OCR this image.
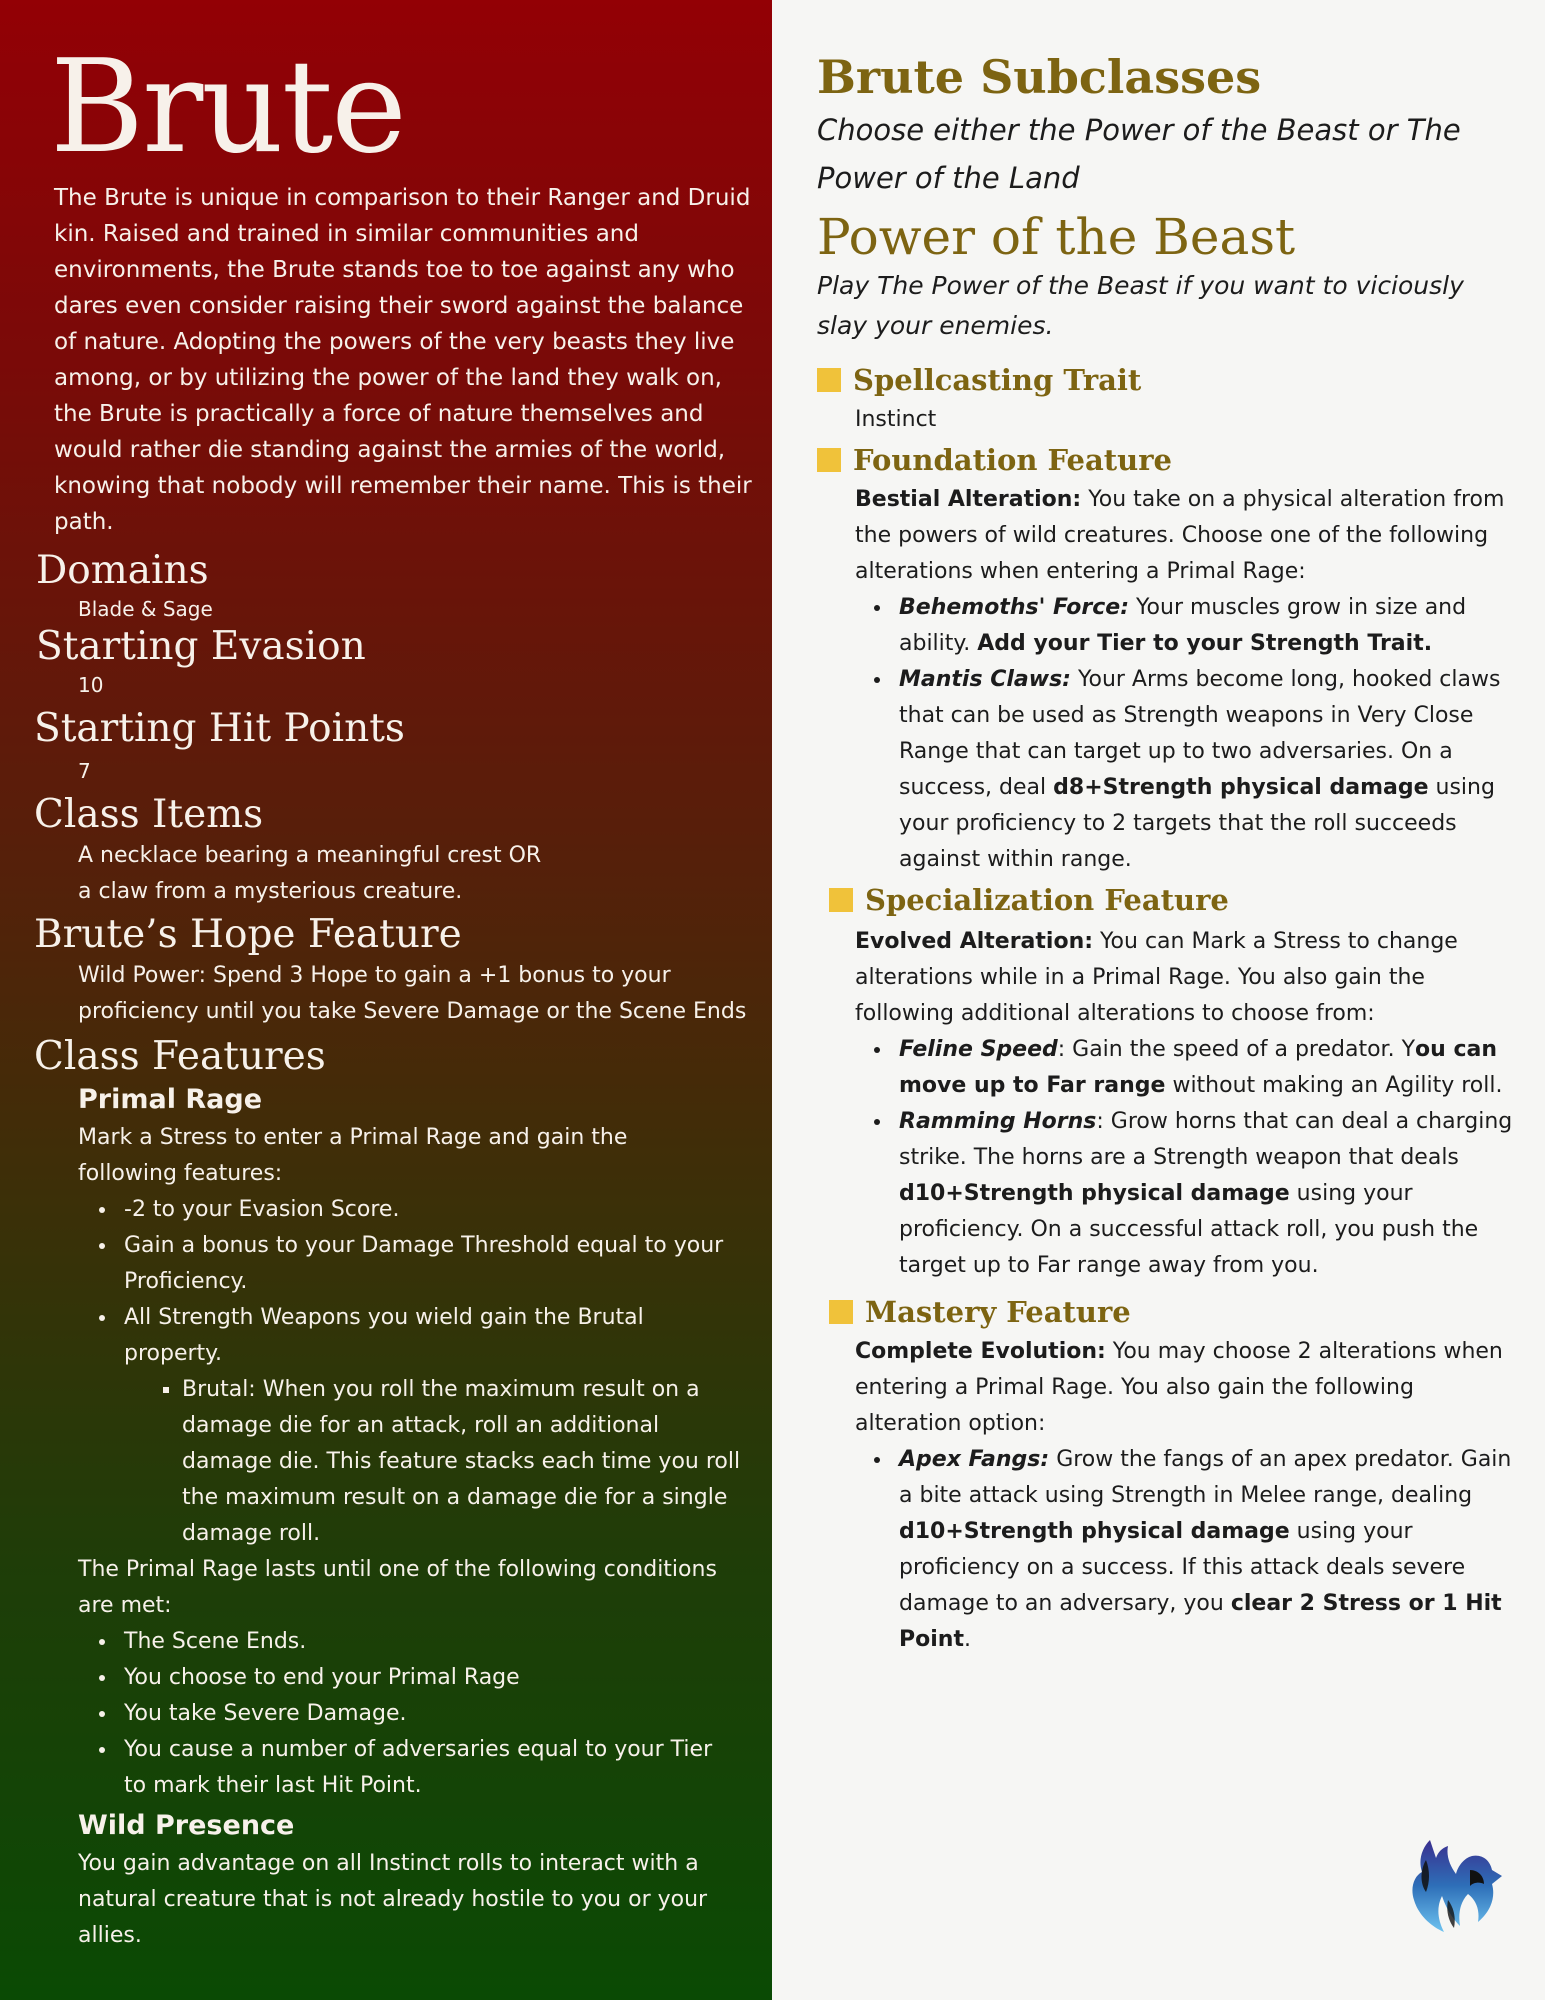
Brute

The Brute is unique in comparison to their Ranger and Druid kin. Raised and trained in similar communities and environments, the Brute stands toe to toe against any who dares even consider raising their sword against the balance of nature. Adopting the powers of the very beasts they live among, or by utilizing the power of the land they walk on, the Brute is practically a force of nature themselves and would rather die standing against the armies of the world, knowing that nobody will remember their name. This is their path.

Domains

Blade & Sage

Starting Evasion

10

Starting Hit Points

7

Class Items

A necklace bearing a meaningful crest OR

a claw from a mysterious creature.

Brute’s Hope Feature

Wild Power: Spend 3 Hope to gain a +1 bonus to your proficiency until you take Severe Damage or the Scene Ends

Class Features

Primal Rage

Mark a Stress to enter a Primal Rage and gain the following features:

• -2 to your Evasion Score.
• Gain a bonus to your Damage Threshold equal to your Proficiency.
• All Strength Weapons you wield gain the Brutal property.
▪ Brutal: When you roll the maximum result on a damage die for an attack, roll an additional damage die. This feature stacks each time you roll the maximum result on a damage die for a single damage roll.

The Primal Rage lasts until one of the following conditions are met:

• The Scene Ends.
• You choose to end your Primal Rage
• You take Severe Damage.
• You cause a number of adversaries equal to your Tier to mark their last Hit Point.

Wild Presence

You gain advantage on all Instinct rolls to interact with a natural creature that is not already hostile to you or your allies.

Brute Subclasses

Choose either the Power of the Beast or The Power of the Land

Power of the Beast

Play The Power of the Beast if you want to viciously slay your enemies.

Spellcasting Trait

Instinct

Foundation Feature

Bestial Alteration: You take on a physical alteration from the powers of wild creatures. Choose one of the following alterations when entering a Primal Rage:

• Behemoths' Force: Your muscles grow in size and ability. Add your Tier to your Strength Trait.
• Mantis Claws: Your Arms become long, hooked claws that can be used as Strength weapons in Very Close Range that can target up to two adversaries. On a success, deal d8+Strength physical damage using your proficiency to 2 targets that the roll succeeds against within range.
Specialization Feature

Evolved Alteration: You can Mark a Stress to change alterations while in a Primal Rage. You also gain the following additional alterations to choose from:

• Feline Speed: Gain the speed of a predator. You can move up to Far range without making an Agility roll.
• Ramming Horns: Grow horns that can deal a charging strike. The horns are a Strength weapon that deals d10+Strength physical damage using your proficiency. On a successful attack roll, you push the target up to Far range away from you.
Mastery Feature

Complete Evolution: You may choose 2 alterations when entering a Primal Rage. You also gain the following alteration option:

• Apex Fangs: Grow the fangs of an apex predator. Gain a bite attack using Strength in Melee range, dealing d10+Strength physical damage using your proficiency on a success. If this attack deals severe damage to an adversary, you clear 2 Stress or 1 Hit Point.
